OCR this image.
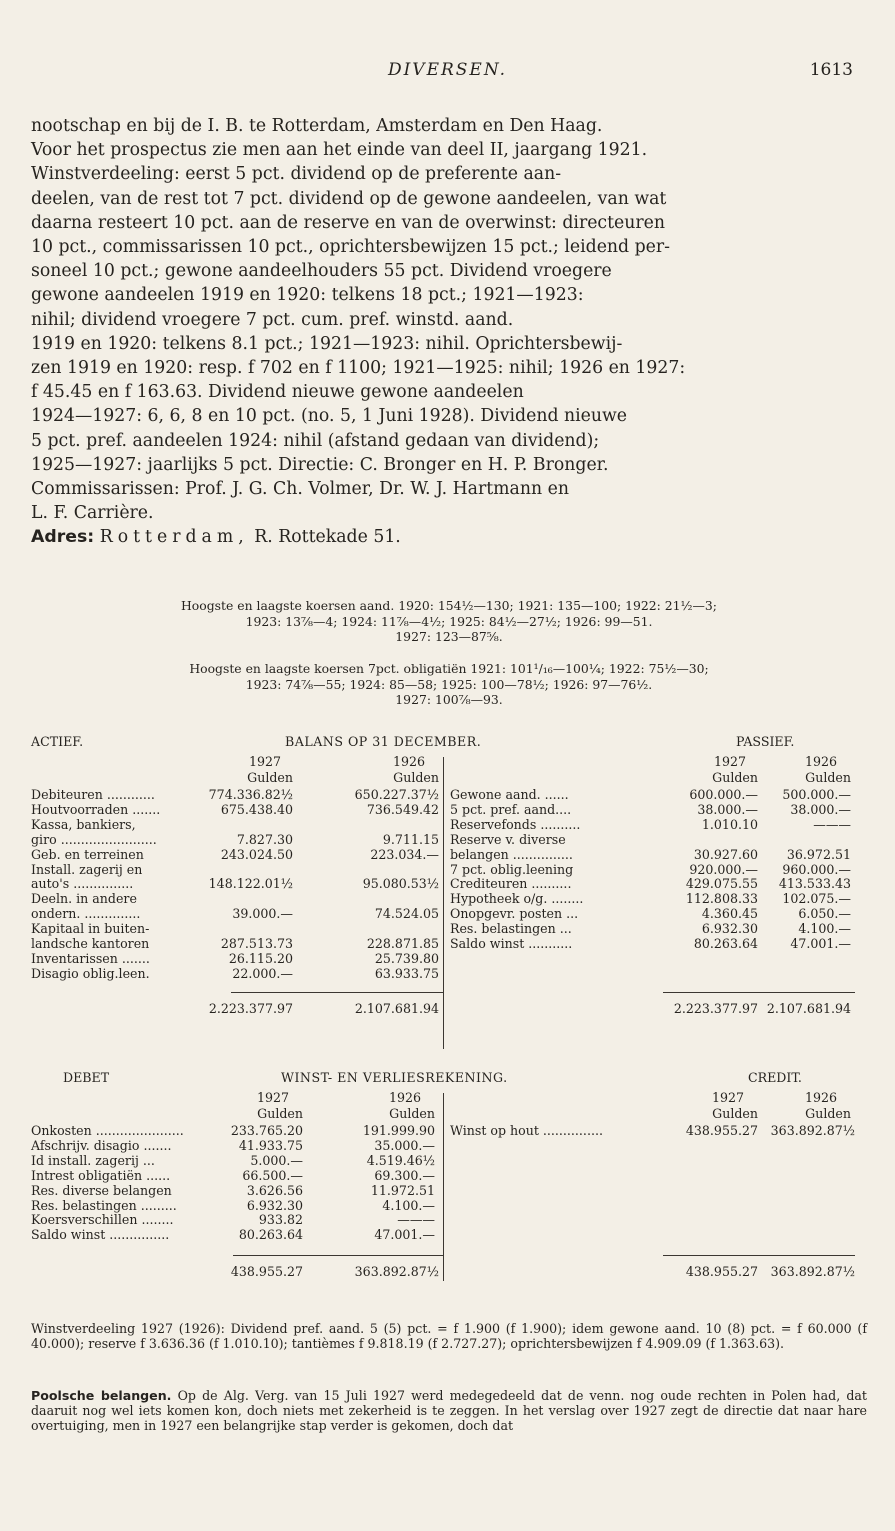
DIVERSEN.	1613

nootschap en bij de I. B. te Rotterdam, Amsterdam en Den Haag.

Voor het prospectus zie men aan het einde van deel II, jaargang 1921.

Winstverdeeling: eerst 5 pct. dividend op de preferente aan-

deelen, van de rest tot 7 pct. dividend op de gewone aandeelen, van wat

daarna resteert 10 pct. aan de reserve en van de overwinst: directeuren

10 pct., commissarissen 10 pct., oprichtersbewijzen 15 pct.; leidend per-

soneel 10 pct.; gewone aandeelhouders 55 pct. Dividend vroegere

gewone aandeelen 1919 en 1920: telkens 18 pct.; 1921—1923:

nihil; dividend vroegere 7 pct. cum. pref. winstd. aand.

1919 en 1920: telkens 8.1 pct.; 1921—1923: nihil. Oprichtersbewij-

zen 1919 en 1920: resp. f 702 en f 1100; 1921—1925: nihil; 1926 en 1927:

f 45.45 en f 163.63. Dividend nieuwe gewone aandeelen

1924—1927: 6, 6, 8 en 10 pct. (no. 5, 1 Juni 1928). Dividend nieuwe

5 pct. pref. aandeelen 1924: nihil (afstand gedaan van dividend);

1925—1927: jaarlijks 5 pct. Directie: C. Bronger en H. P. Bronger.

Commissarissen: Prof. J. G. Ch. Volmer, Dr. W. J. Hartmann en

L. F. Carrière.

Adres: Rotterdam, R. Rottekade 51.

Hoogste en laagste koersen aand. 1920: 154½—130; 1921: 135—100; 1922: 21½—3;
1923: 13⅞—4; 1924: 11⅞—4½; 1925: 84½—27½; 1926: 99—51.
1927: 123—87⅝.
Hoogste en laagste koersen 7pct. obligatiën 1921: 101¹/₁₆—100¼; 1922: 75½—30;
1923: 74⅞—55; 1924: 85—58; 1925: 100—78½; 1926: 97—76½.
1927: 100⅞—93.
ACTIEF.	BALANS OP 31 DECEMBER.	PASSIEF.
1927	1926
Gulden	Gulden
1927	1926
Gulden	Gulden
Debiteuren ............	774.336.82½	650.227.37½
Houtvoorraden .......	675.438.40	736.549.42
Kassa, bankiers,
giro ........................	7.827.30	9.711.15
Geb. en terreinen	243.024.50	223.034.—
Install. zagerij en
auto's ...............	148.122.01½	95.080.53½
Deeln. in andere
ondern. ..............	39.000.—	74.524.05
Kapitaal in buiten-
landsche kantoren	287.513.73	228.871.85
Inventarissen .......	26.115.20	25.739.80
Disagio oblig.leen.	22.000.—	63.933.75
Gewone aand. ......	600.000.—	500.000.—
5 pct. pref. aand....	38.000.—	38.000.—
Reservefonds ..........	1.010.10	———
Reserve v. diverse
belangen ...............	30.927.60	36.972.51
7 pct. oblig.leening	920.000.—	960.000.—
Crediteuren ..........	429.075.55	413.533.43
Hypotheek o/g. ........	112.808.33	102.075.—
Onopgevr. posten ...	4.360.45	6.050.—
Res. belastingen ...	6.932.30	4.100.—
Saldo winst ...........	80.263.64	47.001.—
2.223.377.97	2.107.681.94	2.223.377.97 2.107.681.94
DEBET	WINST- EN VERLIESREKENING.	CREDIT.
1927	1926
Gulden	Gulden
1927	1926
Gulden	Gulden
Onkosten ......................	233.765.20	191.999.90
Afschrijv. disagio .......	41.933.75	35.000.—
Id install. zagerij ...	5.000.—	4.519.46½
Intrest obligatiën ......	66.500.—	69.300.—
Res. diverse belangen	3.626.56	11.972.51
Res. belastingen .........	6.932.30	4.100.—
Koersverschillen ........	933.82	———
Saldo winst ...............	80.263.64	47.001.—
Winst op hout ...............	438.955.27	363.892.87½
438.955.27	363.892.87½	438.955.27	363.892.87½

Winstverdeeling 1927 (1926): Dividend pref. aand. 5 (5) pct. = f 1.900 (f 1.900); idem gewone aand. 10 (8) pct. = f 60.000 (f 40.000); reserve f 3.636.36 (f 1.010.10); tantièmes f 9.818.19 (f 2.727.27); oprichtersbewijzen f 4.909.09 (f 1.363.63).

Poolsche belangen. Op de Alg. Verg. van 15 Juli 1927 werd medegedeeld dat de venn. nog oude rechten in Polen had, dat daaruit nog wel iets komen kon, doch niets met zekerheid is te zeggen. In het verslag over 1927 zegt de directie dat naar hare overtuiging, men in 1927 een belangrijke stap verder is gekomen, doch dat
